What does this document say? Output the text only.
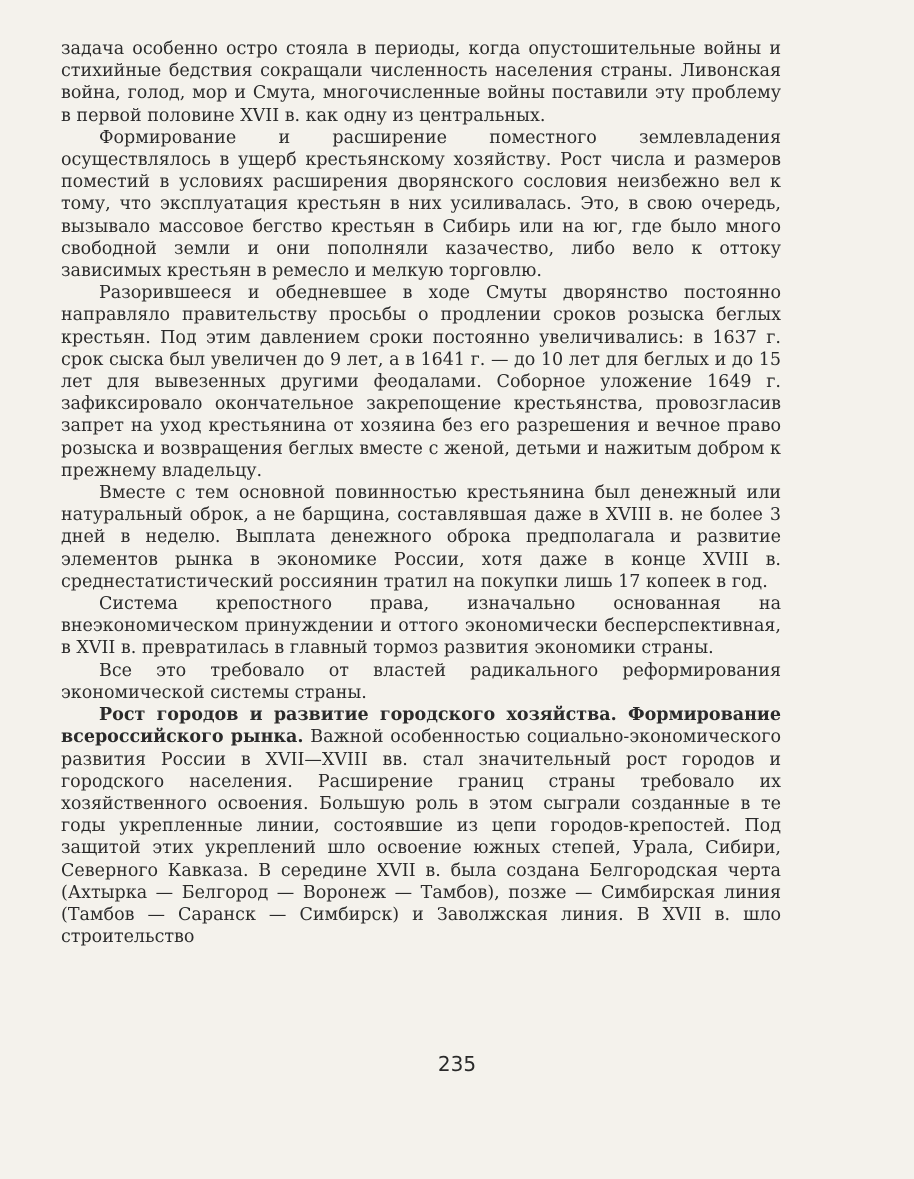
задача особенно остро стояла в периоды, когда опустошительные войны и стихийные бедствия сокращали численность населения страны. Ливонская война, голод, мор и Смута, многочисленные войны поставили эту проблему в первой половине XVII в. как одну из центральных.

Формирование и расширение поместного землевладения осуществлялось в ущерб крестьянскому хозяйству. Рост числа и размеров поместий в условиях расширения дворянского сословия неизбежно вел к тому, что эксплуатация крестьян в них усиливалась. Это, в свою очередь, вызывало массовое бегство крестьян в Сибирь или на юг, где было много свободной земли и они пополняли казачество, либо вело к оттоку зависимых крестьян в ремесло и мелкую торговлю.

Разорившееся и обедневшее в ходе Смуты дворянство постоянно направляло правительству просьбы о продлении сроков розыска беглых крестьян. Под этим давлением сроки постоянно увеличивались: в 1637 г. срок сыска был увеличен до 9 лет, а в 1641 г. — до 10 лет для беглых и до 15 лет для вывезенных другими феодалами. Соборное уложение 1649 г. зафиксировало окончательное закрепощение крестьянства, провозгласив запрет на уход крестьянина от хозяина без его разрешения и вечное право розыска и возвращения беглых вместе с женой, детьми и нажитым добром к прежнему владельцу.

Вместе с тем основной повинностью крестьянина был денежный или натуральный оброк, а не барщина, составлявшая даже в XVIII в. не более 3 дней в неделю. Выплата денежного оброка предполагала и развитие элементов рынка в экономике России, хотя даже в конце XVIII в. среднестатистический россиянин тратил на покупки лишь 17 копеек в год.

Система крепостного права, изначально основанная на внеэкономическом принуждении и оттого экономически бесперспективная, в XVII в. превратилась в главный тормоз развития экономики страны.

Все это требовало от властей радикального реформирования экономической системы страны.

Рост городов и развитие городского хозяйства. Формирование всероссийского рынка. Важной особенностью социально-экономического развития России в XVII—XVIII вв. стал значительный рост городов и городского населения. Расширение границ страны требовало их хозяйственного освоения. Большую роль в этом сыграли созданные в те годы укрепленные линии, состоявшие из цепи городов-крепостей. Под защитой этих укреплений шло освоение южных степей, Урала, Сибири, Северного Кавказа. В середине XVII в. была создана Белгородская черта (Ахтырка — Белгород — Воронеж — Тамбов), позже — Симбирская линия (Тамбов — Саранск — Симбирск) и Заволжская линия. В XVII в. шло строительство

235
